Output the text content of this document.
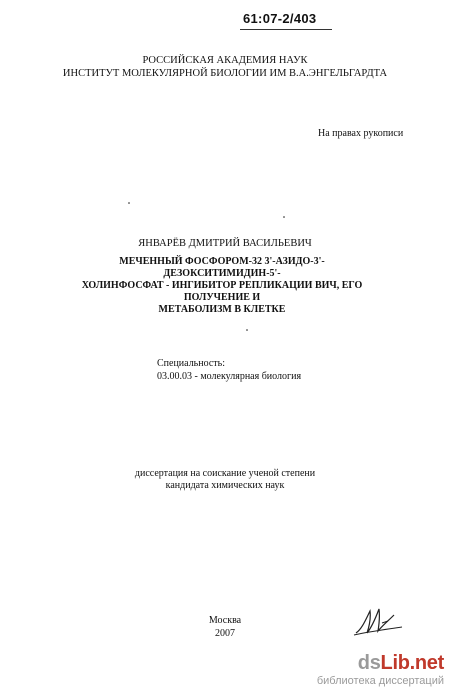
61:07-2/403
РОССИЙСКАЯ АКАДЕМИЯ НАУК
ИНСТИТУТ МОЛЕКУЛЯРНОЙ БИОЛОГИИ ИМ В.А.ЭНГЕЛЬГАРДТА
На правах рукописи
ЯНВАРЁВ ДМИТРИЙ ВАСИЛЬЕВИЧ
МЕЧЕННЫЙ ФОСФОРОМ-32 3'-АЗИДО-3'-ДЕЗОКСИТИМИДИН-5'-
ХОЛИНФОСФАТ - ИНГИБИТОР РЕПЛИКАЦИИ ВИЧ, ЕГО ПОЛУЧЕНИЕ И
МЕТАБОЛИЗМ В КЛЕТКЕ
Специальность:
03.00.03 - молекулярная биология
диссертация на соискание ученой степени
кандидата химических наук
Москва
2007
dsLib.net
библиотека диссертаций
